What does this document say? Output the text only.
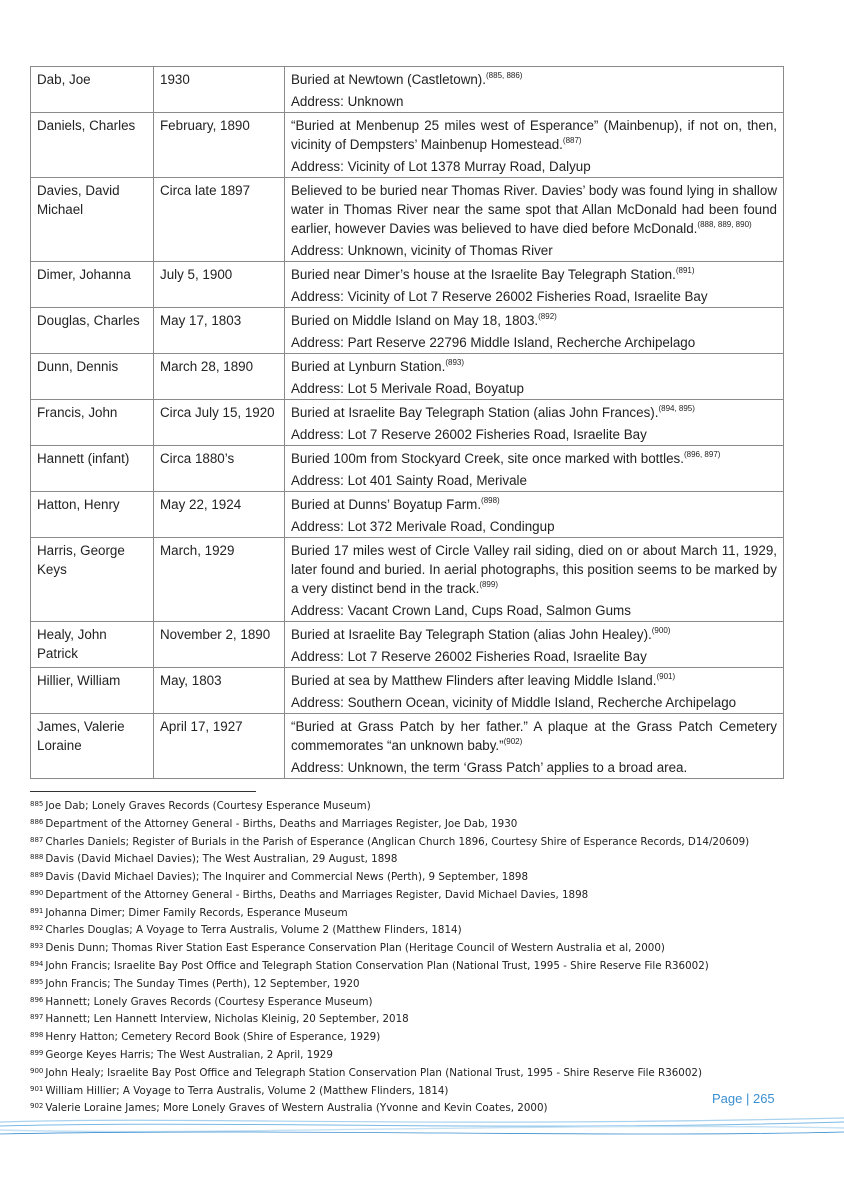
Dab, Joe	1930	Buried at Newtown (Castletown).$^{(885, 886)}$
Address: Unknown

Daniels, Charles	February, 1890	“Buried at Menbenup 25 miles west of Esperance” (Mainbenup), if not on, then, vicinity of Dempsters’ Mainbenup Homestead.$^{(887)}$
Address: Vicinity of Lot 1378 Murray Road, Dalyup

Davies, David Michael	Circa late 1897	Believed to be buried near Thomas River. Davies’ body was found lying in shallow water in Thomas River near the same spot that Allan McDonald had been found earlier, however Davies was believed to have died before McDonald.$^{(888, 889, 890)}$
Address: Unknown, vicinity of Thomas River

Dimer, Johanna	July 5, 1900	Buried near Dimer’s house at the Israelite Bay Telegraph Station.$^{(891)}$
Address: Vicinity of Lot 7 Reserve 26002 Fisheries Road, Israelite Bay

Douglas, Charles	May 17, 1803	Buried on Middle Island on May 18, 1803.$^{(892)}$
Address: Part Reserve 22796 Middle Island, Recherche Archipelago

Dunn, Dennis	March 28, 1890	Buried at Lynburn Station.$^{(893)}$
Address: Lot 5 Merivale Road, Boyatup

Francis, John	Circa July 15, 1920	Buried at Israelite Bay Telegraph Station (alias John Frances).$^{(894, 895)}$
Address: Lot 7 Reserve 26002 Fisheries Road, Israelite Bay

Hannett (infant)	Circa 1880’s	Buried 100m from Stockyard Creek, site once marked with bottles.$^{(896, 897)}$
Address: Lot 401 Sainty Road, Merivale

Hatton, Henry	May 22, 1924	Buried at Dunns’ Boyatup Farm.$^{(898)}$
Address: Lot 372 Merivale Road, Condingup

Harris, George Keys	March, 1929	Buried 17 miles west of Circle Valley rail siding, died on or about March 11, 1929, later found and buried. In aerial photographs, this position seems to be marked by a very distinct bend in the track.$^{(899)}$
Address: Vacant Crown Land, Cups Road, Salmon Gums

Healy, John Patrick	November 2, 1890	Buried at Israelite Bay Telegraph Station (alias John Healey).$^{(900)}$
Address: Lot 7 Reserve 26002 Fisheries Road, Israelite Bay

Hillier, William	May, 1803	Buried at sea by Matthew Flinders after leaving Middle Island.$^{(901)}$
Address: Southern Ocean, vicinity of Middle Island, Recherche Archipelago

James, Valerie Loraine	April 17, 1927	“Buried at Grass Patch by her father.” A plaque at the Grass Patch Cemetery commemorates “an unknown baby.”$^{(902)}$
Address: Unknown, the term ‘Grass Patch’ applies to a broad area.
$^{885}$ Joe Dab; Lonely Graves Records (Courtesy Esperance Museum)
$^{886}$ Department of the Attorney General - Births, Deaths and Marriages Register, Joe Dab, 1930
$^{887}$ Charles Daniels; Register of Burials in the Parish of Esperance (Anglican Church 1896, Courtesy Shire of Esperance Records, D14/20609)
$^{888}$ Davis (David Michael Davies); The West Australian, 29 August, 1898
$^{889}$ Davis (David Michael Davies); The Inquirer and Commercial News (Perth), 9 September, 1898
$^{890}$ Department of the Attorney General - Births, Deaths and Marriages Register, David Michael Davies, 1898
$^{891}$ Johanna Dimer; Dimer Family Records, Esperance Museum
$^{892}$ Charles Douglas; A Voyage to Terra Australis, Volume 2 (Matthew Flinders, 1814)
$^{893}$ Denis Dunn; Thomas River Station East Esperance Conservation Plan (Heritage Council of Western Australia et al, 2000)
$^{894}$ John Francis; Israelite Bay Post Office and Telegraph Station Conservation Plan (National Trust, 1995 - Shire Reserve File R36002)
$^{895}$ John Francis; The Sunday Times (Perth), 12 September, 1920
$^{896}$ Hannett; Lonely Graves Records (Courtesy Esperance Museum)
$^{897}$ Hannett; Len Hannett Interview, Nicholas Kleinig, 20 September, 2018
$^{898}$ Henry Hatton; Cemetery Record Book (Shire of Esperance, 1929)
$^{899}$ George Keyes Harris; The West Australian, 2 April, 1929
$^{900}$ John Healy; Israelite Bay Post Office and Telegraph Station Conservation Plan (National Trust, 1995 - Shire Reserve File R36002)
$^{901}$ William Hillier; A Voyage to Terra Australis, Volume 2 (Matthew Flinders, 1814)
$^{902}$ Valerie Loraine James; More Lonely Graves of Western Australia (Yvonne and Kevin Coates, 2000)
Page | 265
